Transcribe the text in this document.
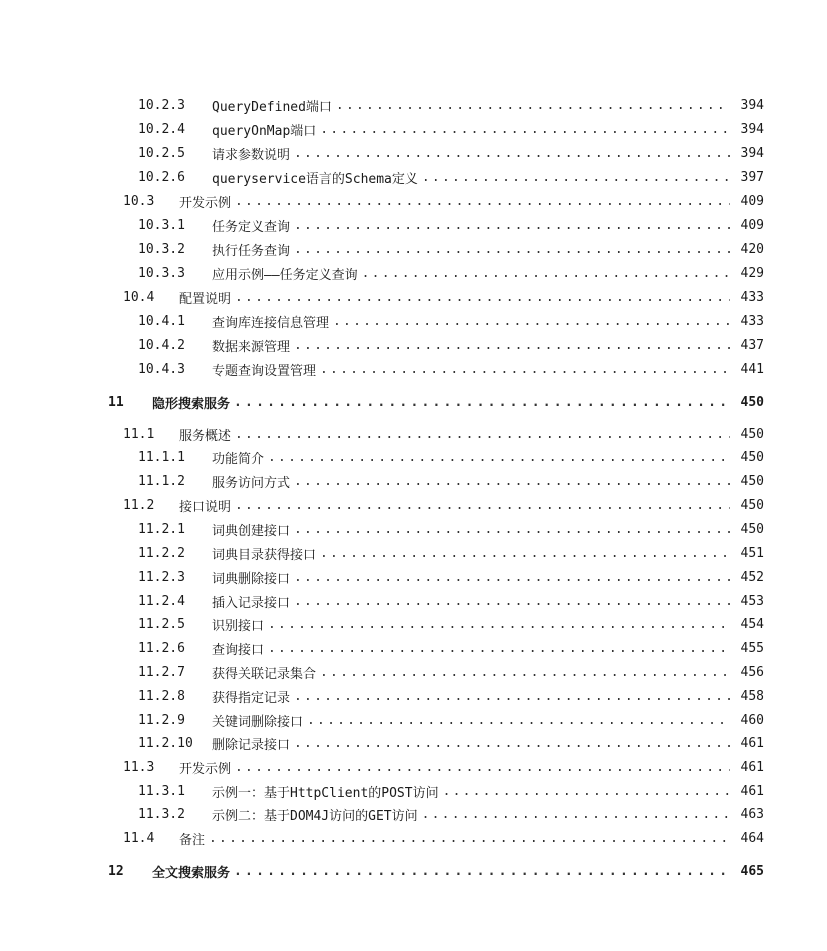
10.2.3	QueryDefined端口 .....	394
10.2.4	queryOnMap端口 .....	394
10.2.5	请求参数说明 .....	394
10.2.6	queryservice语言的Schema定义 .....	397
10.3	开发示例 .....	409
10.3.1	任务定义查询 .....	409
10.3.2	执行任务查询 .....	420
10.3.3	应用示例——任务定义查询 .....	429
10.4	配置说明 .....	433
10.4.1	查询库连接信息管理 .....	433
10.4.2	数据来源管理 .....	437
10.4.3	专题查询设置管理 .....	441
11	隐形搜索服务 .....	450
11.1	服务概述 .....	450
11.1.1	功能简介 .....	450
11.1.2	服务访问方式 .....	450
11.2	接口说明 .....	450
11.2.1	词典创建接口 .....	450
11.2.2	词典目录获得接口 .....	451
11.2.3	词典删除接口 .....	452
11.2.4	插入记录接口 .....	453
11.2.5	识别接口 .....	454
11.2.6	查询接口 .....	455
11.2.7	获得关联记录集合 .....	456
11.2.8	获得指定记录 .....	458
11.2.9	关键词删除接口 .....	460
11.2.10	删除记录接口 .....	461
11.3	开发示例 .....	461
11.3.1	示例一：基于HttpClient的POST访问 .....	461
11.3.2	示例二：基于DOM4J访问的GET访问 .....	463
11.4	备注 .....	464
12	全文搜索服务 .....	465
